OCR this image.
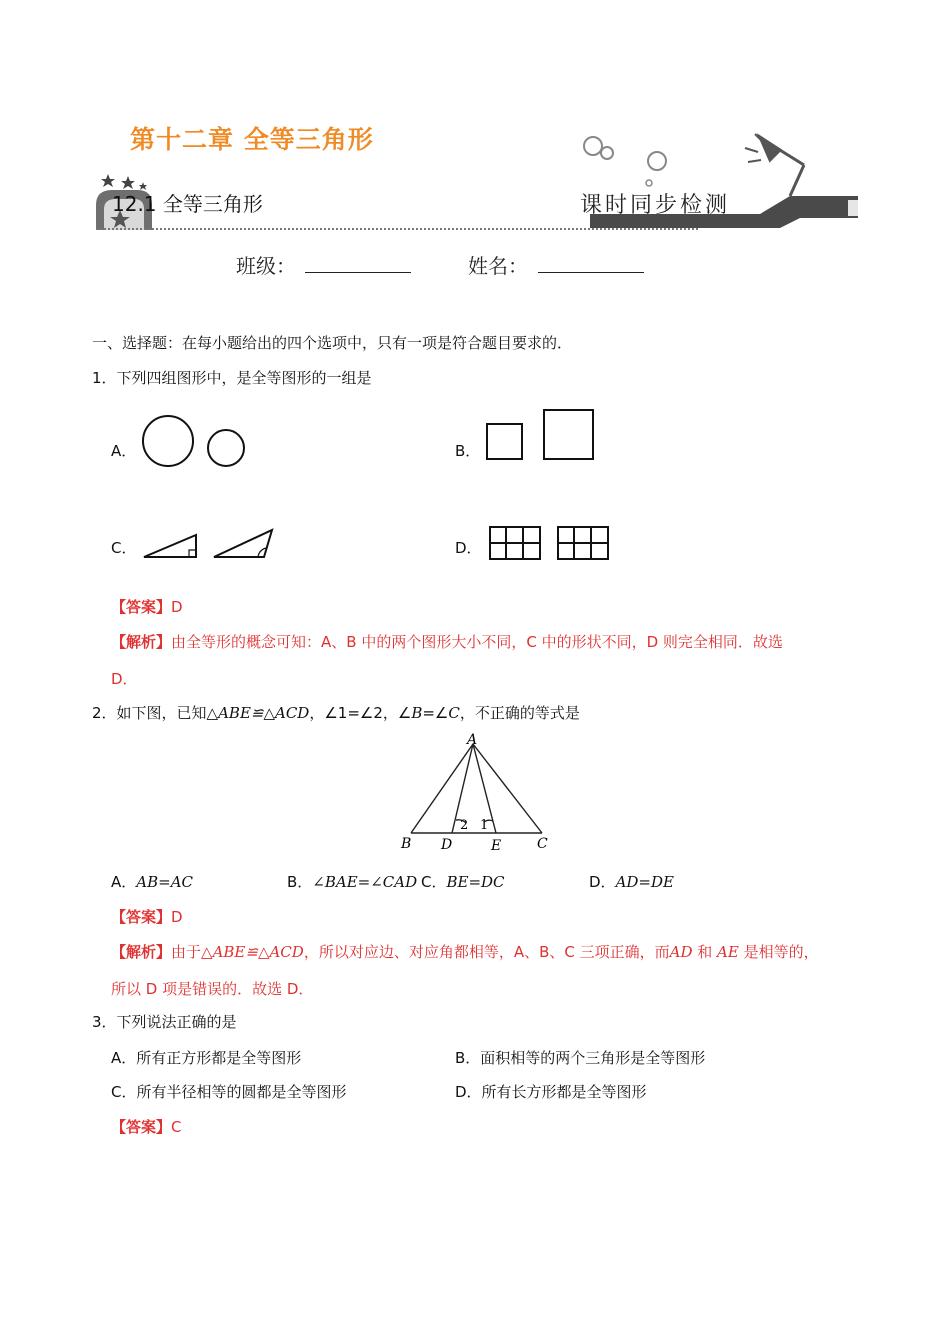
第十二章 全等三角形
12.1 全等三角形	课时同步检测
班级：	姓名：
一、选择题：在每小题给出的四个选项中，只有一项是符合题目要求的．
1．下列四组图形中，是全等图形的一组是
A．	B．
C．	D．
【答案】D
【解析】由全等形的概念可知：A、B 中的两个图形大小不同，C 中的形状不同，D 则完全相同．故选
D．
2．如下图，已知△ABE≌△ACD，∠1=∠2，∠B=∠C，不正确的等式是
A
B D	E	C
2 1
A．AB=AC	B．∠BAE=∠CAD C．BE=DC	D．AD=DE
【答案】D
【解析】由于△ABE≌△ACD，所以对应边、对应角都相等，A、B、C 三项正确，而AD 和 AE 是相等的，
所以 D 项是错误的．故选 D．
3．下列说法正确的是
A．所有正方形都是全等图形	B．面积相等的两个三角形是全等图形
C．所有半径相等的圆都是全等图形	D．所有长方形都是全等图形
【答案】C
